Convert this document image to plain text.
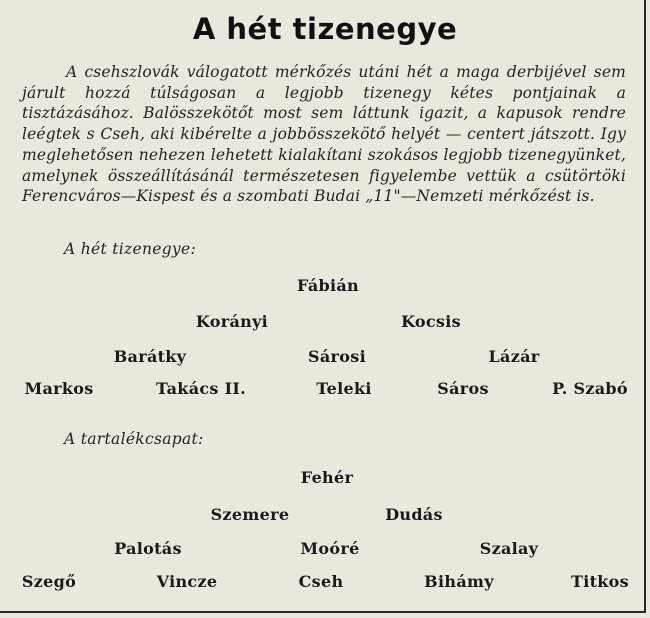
A hét tizenegye
A csehszlovák válogatott mérkőzés utáni hét a maga derbijével sem járult hozzá túlságosan a legjobb tizenegy kétes pontjainak a tisztázásához. Balösszekötőt most sem láttunk igazit, a kapusok rendre leégtek s Cseh, aki kibérelte a jobbösszekötő helyét — centert játszott. Igy meglehetősen nehezen lehetett kialakítani szokásos legjobb tizenegyünket, amelynek összeállításánál természetesen figyelembe vettük a csütörtöki Ferencváros—Kispest és a szombati Budai „11"—Nemzeti mérkőzést is.
A hét tizenegye:
Fábián
Korányi	Kocsis
Barátky	Sárosi	Lázár
Markos	Takács II.	Teleki	Sáros	P. Szabó
A tartalékcsapat:
Fehér
Szemere	Dudás
Palotás	Moóré	Szalay
Szegő	Vincze	Cseh	Bihámy	Titkos
